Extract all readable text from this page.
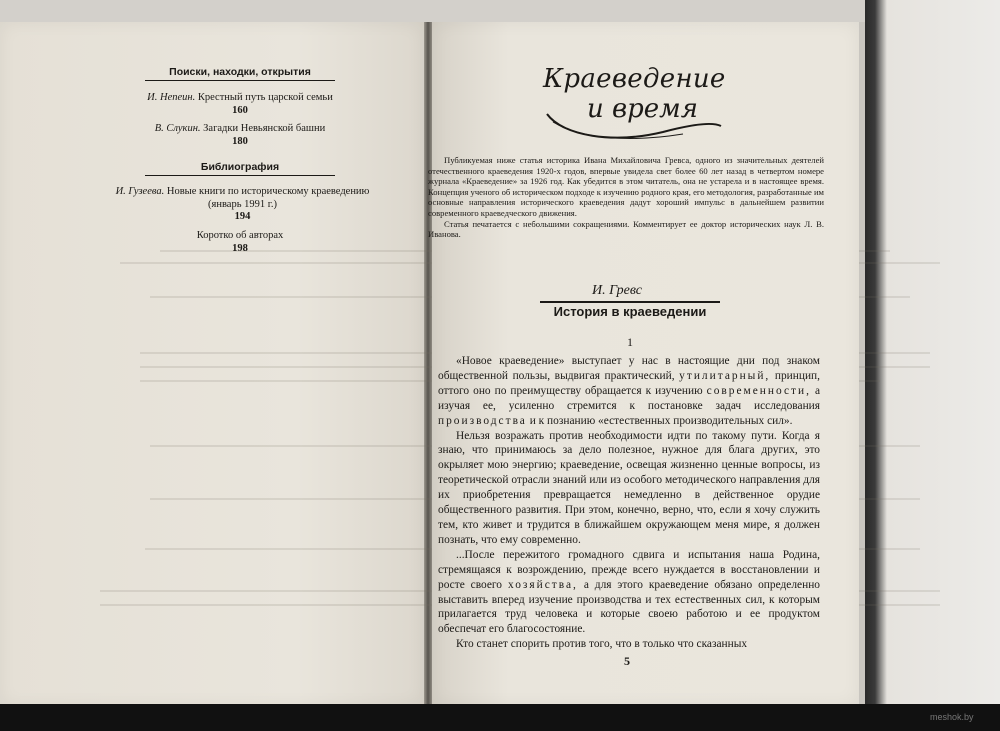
Поиски, находки, открытия
И. Непеин. Крестный путь царской семьи
160
В. Слукин. Загадки Невьянской башни
180
Библиография
И. Гузеева. Новые книги по историческому краеведению (январь 1991 г.)
194
Коротко об авторах
198
Краеведение
и время

Публикуемая ниже статья историка Ивана Михайловича Гревса, одного из значительных деятелей отечественного краеведения 1920-х годов, впервые увидела свет более 60 лет назад в четвертом номере журнала «Краеведение» за 1926 год. Как убедится в этом читатель, она не устарела и в настоящее время. Концепция ученого об историческом подходе к изучению родного края, его методология, разработанные им основные направления исторического краеведения дадут хороший импульс в дальнейшем развитии современного краеведческого движения.

Статья печатается с небольшими сокращениями. Комментирует ее доктор исторических наук Л. В. Иванова.

И. Гревс
История в краеведении
1

«Новое краеведение» выступает у нас в настоящие дни под знаком общественной пользы, выдвигая практический, утилитарный, принцип, оттого оно по преимуществу обращается к изучению современности, а изучая ее, усиленно стремится к постановке задач исследования производства и к познанию «естественных производительных сил».

Нельзя возражать против необходимости идти по такому пути. Когда я знаю, что принимаюсь за дело полезное, нужное для блага других, это окрыляет мою энергию; краеведение, освещая жизненно ценные вопросы, из теоретической отрасли знаний или из особого методического направления для их приобретения превращается немедленно в действенное орудие общественного развития. При этом, конечно, верно, что, если я хочу служить тем, кто живет и трудится в ближайшем окружающем меня мире, я должен познать, что ему современно.

...После пережитого громадного сдвига и испытания наша Родина, стремящаяся к возрождению, прежде всего нуждается в восстановлении и росте своего хозяйства, а для этого краеведение обязано определенно выставить вперед изучение производства и тех естественных сил, к которым прилагается труд человека и которые своею работою и ее продуктом обеспечат его благосостояние.

Кто станет спорить против того, что в только что сказанных

5
meshok.by
